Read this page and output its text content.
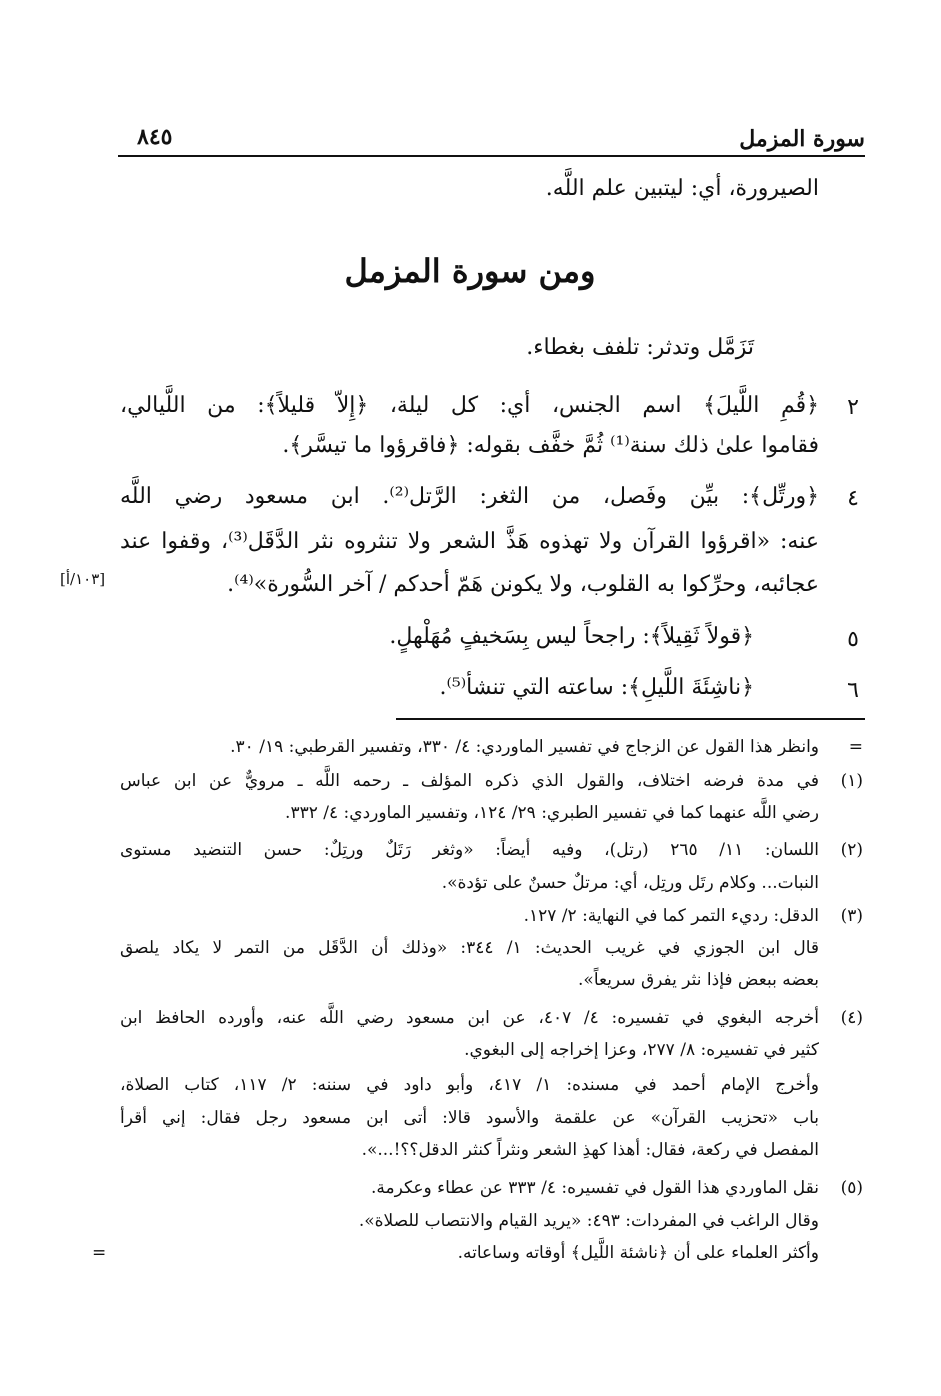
سورة المزمل
٨٤٥
الصيرورة، أي: ليتبين علم اللَّه.
ومن سورة المزمل
تَزَمَّل وتدثر: تلفف بغطاء.
٢
﴿قُمِ اللَّيلَ﴾ اسم الجنس، أي: كل ليلة، ﴿إِلاّ قليلاً﴾: من اللَّيالي،
فقاموا علىٰ ذلك سنة⁽¹⁾ ثُمَّ خفَّف بقوله: ﴿فاقرؤوا ما تيسَّر﴾.
٤
﴿ورتِّل﴾: بيِّن وفَصل، من الثغر: الرَّتل⁽²⁾. ابن مسعود رضي اللَّه
عنه: «اقرؤوا القرآن ولا تهذوه هَذَّ الشعر ولا تنثروه نثر الدَّقَل⁽³⁾، وقفوا عند
عجائبه، وحرِّكوا به القلوب، ولا يكونن هَمّ أحدكم / آخر السُّورة»⁽⁴⁾.
[١٠٣/أ]
٥
﴿قولاً ثَقِيلاً﴾: راجحاً ليس بِسَخيفٍ مُهَلْهلٍ.
٦
﴿ناشِئَةَ اللَّيلِ﴾: ساعته التي تنشأ⁽⁵⁾.
=
وانظر هذا القول عن الزجاج في تفسير الماوردي: ٤/ ٣٣٠، وتفسير القرطبي: ١٩/ ٣٠.
(١)
في مدة فرضه اختلاف، والقول الذي ذكره المؤلف ـ رحمه اللَّه ـ مرويٌّ عن ابن عباس
رضي اللَّه عنهما كما في تفسير الطبري: ٢٩/ ١٢٤، وتفسير الماوردي: ٤/ ٣٣٢.
(٢)
اللسان: ١١/ ٢٦٥ (رتل)، وفيه أيضاً: «وثغر رَتَلٌ ورتِلٌ: حسن التنضيد مستوى
النبات... وكلام رتَل ورتِل، أي: مرتلٌ حسنٌ على تؤدة».
(٣)
الدقل: رديء التمر كما في النهاية: ٢/ ١٢٧.
قال ابن الجوزي في غريب الحديث: ١/ ٣٤٤: «وذلك أن الدَّقَل من التمر لا يكاد يلصق
بعضه ببعض فإذا نثر يفرق سريعاً».
(٤)
أخرجه البغوي في تفسيره: ٤/ ٤٠٧، عن ابن مسعود رضي اللَّه عنه، وأورده الحافظ ابن
كثير في تفسيره: ٨/ ٢٧٧، وعزا إخراجه إلى البغوي.
وأخرج الإمام أحمد في مسنده: ١/ ٤١٧، وأبو داود في سننه: ٢/ ١١٧، كتاب الصلاة،
باب «تحزيب القرآن» عن علقمة والأسود قالا: أتى ابن مسعود رجل فقال: إني أقرأ
المفصل في ركعة، فقال: أهذا كهذِ الشعر ونثراً كنثر الدقل؟؟!...».
(٥)
نقل الماوردي هذا القول في تفسيره: ٤/ ٣٣٣ عن عطاء وعكرمة.
وقال الراغب في المفردات: ٤٩٣: «يريد القيام والانتصاب للصلاة».
وأكثر العلماء على أن ﴿ناشئة اللَّيل﴾ أوقاته وساعاته.
=
